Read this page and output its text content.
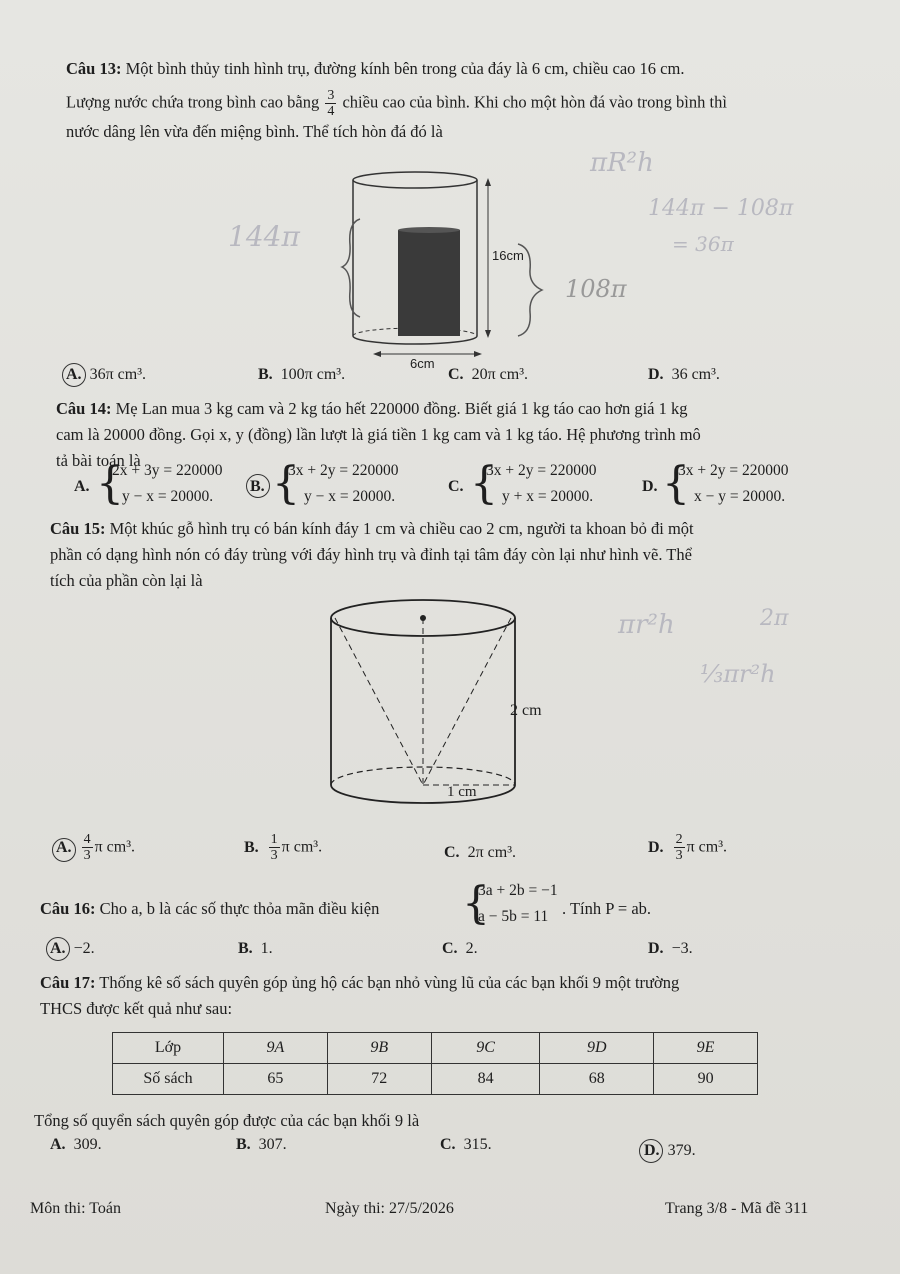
Câu 13: Một bình thủy tinh hình trụ, đường kính bên trong của đáy là 6 cm, chiều cao 16 cm.
Lượng nước chứa trong bình cao bằng $\frac{3}{4}$ chiều cao của bình. Khi cho một hòn đá vào trong bình thì
nước dâng lên vừa đến miệng bình. Thể tích hòn đá đó là
16cm
6cm
πR²h
144π
108π
144π − 108π
= 36π
A. 36π cm³.	B. 100π cm³.	C. 20π cm³.	D. 36 cm³.
Câu 14: Mẹ Lan mua 3 kg cam và 2 kg táo hết 220000 đồng. Biết giá 1 kg táo cao hơn giá 1 kg
cam là 20000 đồng. Gọi x, y (đồng) lần lượt là giá tiền 1 kg cam và 1 kg táo. Hệ phương trình mô
tả bài toán là
A. {
2x + 3y = 220000
y − x = 20000.
B. {
3x + 2y = 220000
y − x = 20000.
C. {
3x + 2y = 220000
y + x = 20000.
D. {
3x + 2y = 220000
x − y = 20000.
Câu 15: Một khúc gỗ hình trụ có bán kính đáy 1 cm và chiều cao 2 cm, người ta khoan bỏ đi một
phần có dạng hình nón có đáy trùng với đáy hình trụ và đỉnh tại tâm đáy còn lại như hình vẽ. Thể
tích của phần còn lại là
2 cm
1 cm
πr²h	2π
⅓πr²h
A. $\frac{4}{3}$ π cm³.	B. $\frac{1}{3}$ π cm³.	C. 2π cm³.	D. $\frac{2}{3}$ π cm³.
Câu 16: Cho a, b là các số thực thỏa mãn điều kiện {
3a + 2b = −1
a − 5b = 11 . Tính P = ab.
A. −2.	B. 1.	C. 2.	D. −3.
Câu 17: Thống kê số sách quyên góp ủng hộ các bạn nhỏ vùng lũ của các bạn khối 9 một trường
THCS được kết quả như sau:
Lớp	9A	9B	9C	9D	9E
Số sách	65	72	84	68	90
Tổng số quyển sách quyên góp được của các bạn khối 9 là
A. 309.	B. 307.	C. 315.	D. 379.
Môn thi: Toán	Ngày thi: 27/5/2026	Trang 3/8 - Mã đề 311
